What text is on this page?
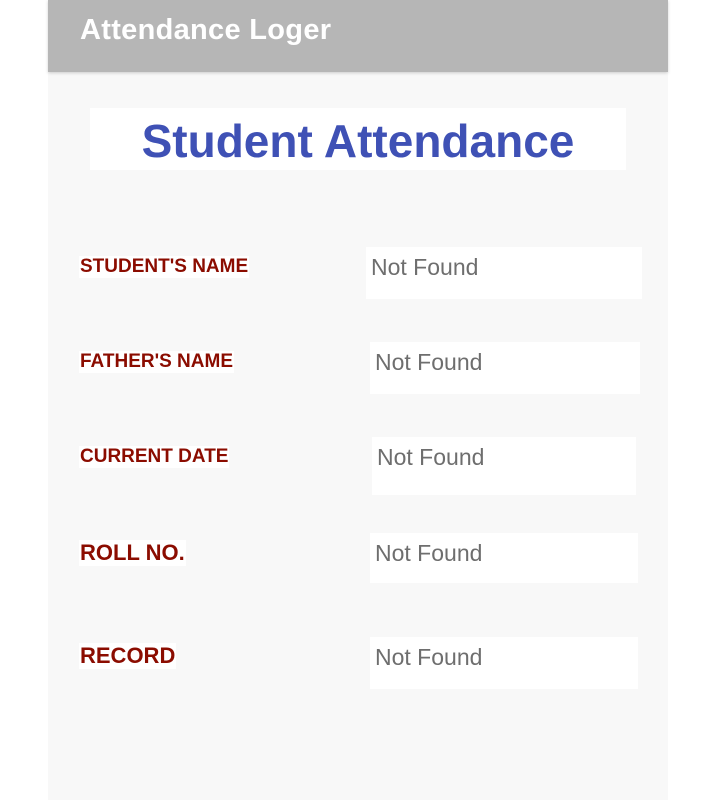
Attendance Loger
Student Attendance
STUDENT'S NAME	Not Found
FATHER'S NAME	Not Found
CURRENT DATE	Not Found
ROLL NO.	Not Found
RECORD	Not Found
